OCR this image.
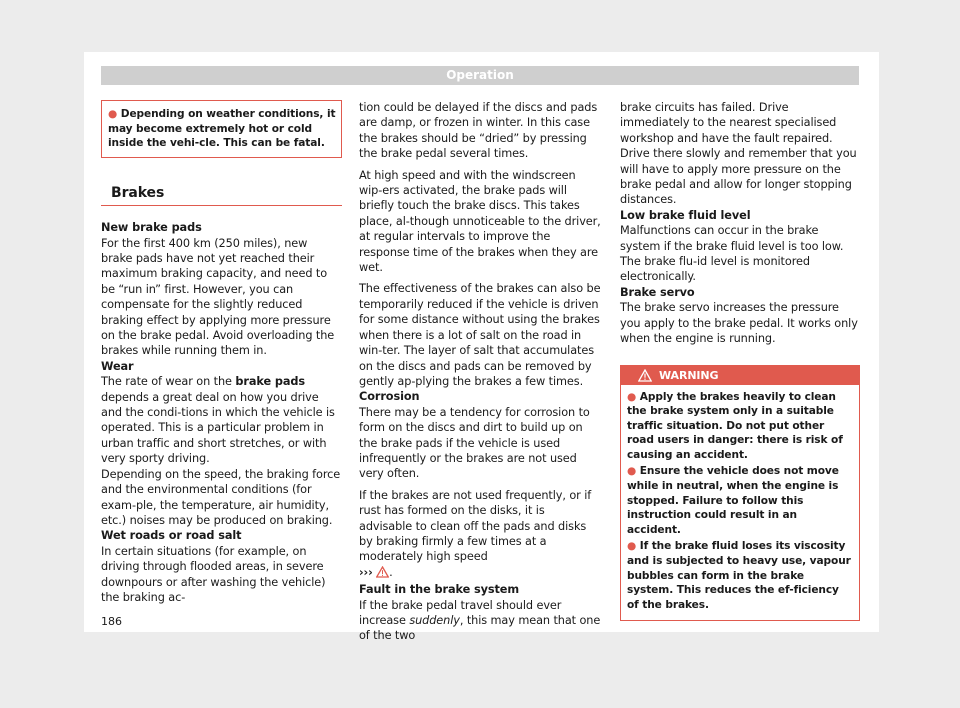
Operation
● Depending on weather conditions, it may become extremely hot or cold inside the vehi-cle. This can be fatal.
Brakes

New brake pads

For the first 400 km (250 miles), new brake pads have not yet reached their maximum braking capacity, and need to be “run in” first. However, you can compensate for the slightly reduced braking effect by applying more pressure on the brake pedal. Avoid overloading the brakes while running them in.

Wear

The rate of wear on the brake pads depends a great deal on how you drive and the condi-tions in which the vehicle is operated. This is a particular problem in urban traffic and short stretches, or with very sporty driving.

Depending on the speed, the braking force and the environmental conditions (for exam-ple, the temperature, air humidity, etc.) noises may be produced on braking.

Wet roads or road salt

In certain situations (for example, on driving through flooded areas, in severe downpours or after washing the vehicle) the braking ac-

tion could be delayed if the discs and pads are damp, or frozen in winter. In this case the brakes should be “dried” by pressing the brake pedal several times.

At high speed and with the windscreen wip-ers activated, the brake pads will briefly touch the brake discs. This takes place, al-though unnoticeable to the driver, at regular intervals to improve the response time of the brakes when they are wet.

The effectiveness of the brakes can also be temporarily reduced if the vehicle is driven for some distance without using the brakes when there is a lot of salt on the road in win-ter. The layer of salt that accumulates on the discs and pads can be removed by gently ap-plying the brakes a few times.

Corrosion

There may be a tendency for corrosion to form on the discs and dirt to build up on the brake pads if the vehicle is used infrequently or the brakes are not used very often.

If the brakes are not used frequently, or if rust has formed on the disks, it is advisable to clean off the pads and disks by braking firmly a few times at a moderately high speed
››› .

Fault in the brake system

If the brake pedal travel should ever increase suddenly, this may mean that one of the two

brake circuits has failed. Drive immediately to the nearest specialised workshop and have the fault repaired. Drive there slowly and remember that you will have to apply more pressure on the brake pedal and allow for longer stopping distances.

Low brake fluid level

Malfunctions can occur in the brake system if the brake fluid level is too low. The brake flu-id level is monitored electronically.

Brake servo

The brake servo increases the pressure you apply to the brake pedal. It works only when the engine is running.

WARNING

● Apply the brakes heavily to clean the brake system only in a suitable traffic situation. Do not put other road users in danger: there is risk of causing an accident.

● Ensure the vehicle does not move while in neutral, when the engine is stopped. Failure to follow this instruction could result in an accident.

● If the brake fluid loses its viscosity and is subjected to heavy use, vapour bubbles can form in the brake system. This reduces the ef-ficiency of the brakes.

186
